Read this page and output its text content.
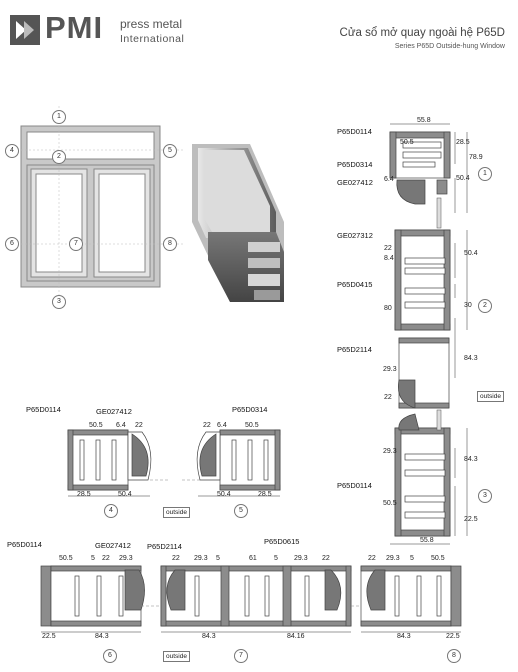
PMI press metal
International	Cửa sổ mở quay ngoài hệ P65D
Series P65D Outside-hung Window
1
2
3
4	5
6	7	8
P65D0114
P65D0314
GE027412
GE027312
P65D0415
P65D2114
P65D0114
55.8
50.5	28.5
78.9
6.4	50.4
8.4
22
50.4
80	30
29.3
84.3
22
29.3
84.3
50.5
22.5
55.8
1
2
3
outside
P65D0114	GE027412	P65D0314
50.5 6.4 22
28.5	50.4
22 6.4	50.5
50.4	28.5
4	5
outside
P65D0114	GE027412 P65D2114
P65D0615
50.5	5 22 29.3
22.5	84.3
22 29.3 5	61 5 29.3 22
84.3	84.16
22 29.3 5 50.5
84.3	22.5
6	7	8
outside
